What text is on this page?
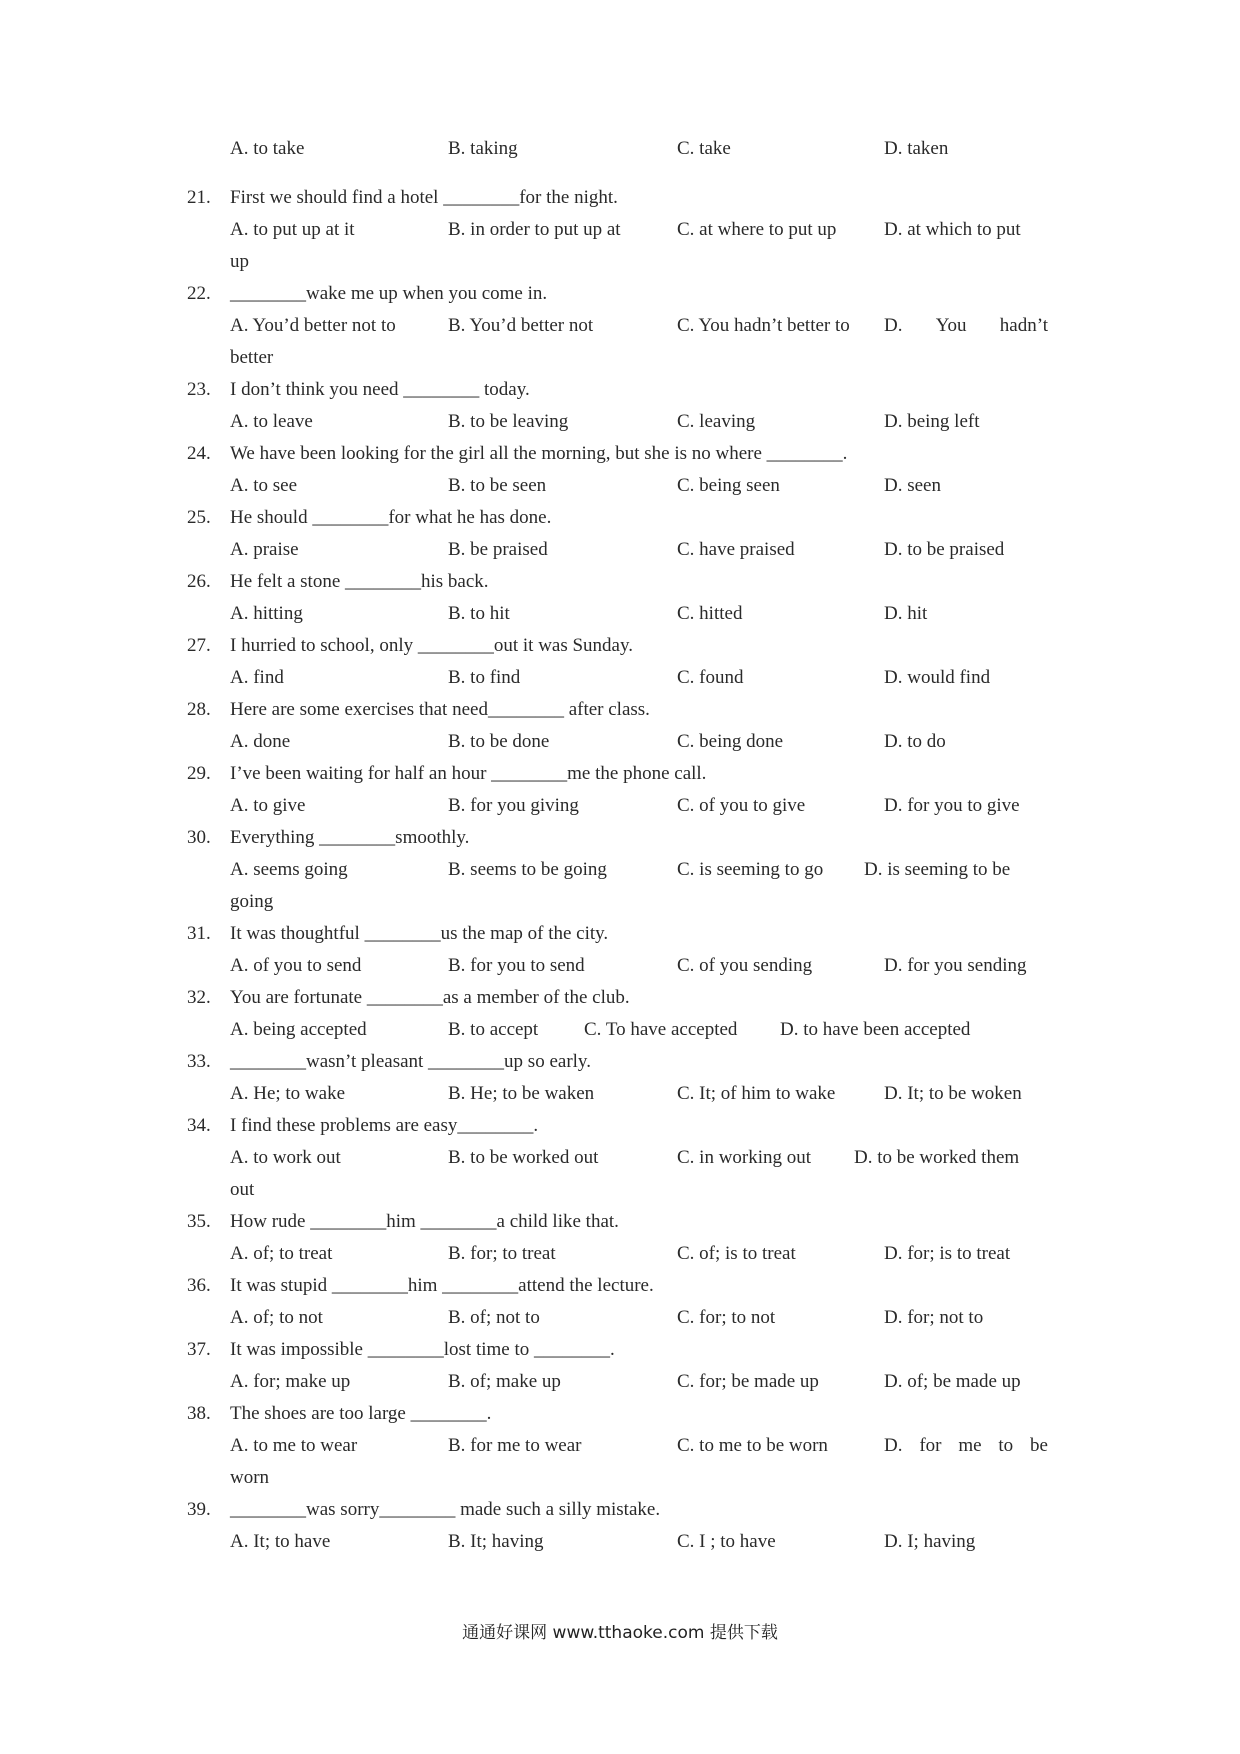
A. to take	B. taking	C. take	D. taken
21. First we should find a hotel ________for the night.
A. to put up at it	B. in order to put up at	C. at where to put up	D. at which to put
up
22. ________wake me up when you come in.
A. You’d better not to	B. You’d better not	C. You hadn’t better to D. You hadn’t
better
23. I don’t think you need ________ today.
A. to leave	B. to be leaving	C. leaving	D. being left
24. We have been looking for the girl all the morning, but she is no where ________.
A. to see	B. to be seen	C. being seen	D. seen
25. He should ________for what he has done.
A. praise	B. be praised	C. have praised	D. to be praised
26. He felt a stone ________his back.
A. hitting	B. to hit	C. hitted	D. hit
27. I hurried to school, only ________out it was Sunday.
A. find	B. to find	C. found	D. would find
28. Here are some exercises that need________ after class.
A. done	B. to be done	C. being done	D. to do
29. I’ve been waiting for half an hour ________me the phone call.
A. to give	B. for you giving	C. of you to give	D. for you to give
30. Everything ________smoothly.
A. seems going	B. seems to be going	C. is seeming to go D. is seeming to be
going
31. It was thoughtful ________us the map of the city.
A. of you to send	B. for you to send	C. of you sending	D. for you sending
32. You are fortunate ________as a member of the club.
A. being accepted	B. to accept C. To have accepted D. to have been accepted
33. ________wasn’t pleasant ________up so early.
A. He; to wake	B. He; to be waken	C. It; of him to wake	D. It; to be woken
34. I find these problems are easy________.
A. to work out	B. to be worked out	C. in working out D. to be worked them
out
35. How rude ________him ________a child like that.
A. of; to treat	B. for; to treat	C. of; is to treat	D. for; is to treat
36. It was stupid ________him ________attend the lecture.
A. of; to not	B. of; not to	C. for; to not	D. for; not to
37. It was impossible ________lost time to ________.
A. for; make up	B. of; make up	C. for; be made up	D. of; be made up
38. The shoes are too large ________.
A. to me to wear	B. for me to wear	C. to me to be worn	D. for me to be
worn
39. ________was sorry________ made such a silly mistake.
A. It; to have	B. It; having	C. I ; to have	D. I; having
通通好课网 www.tthaoke.com 提供下载
